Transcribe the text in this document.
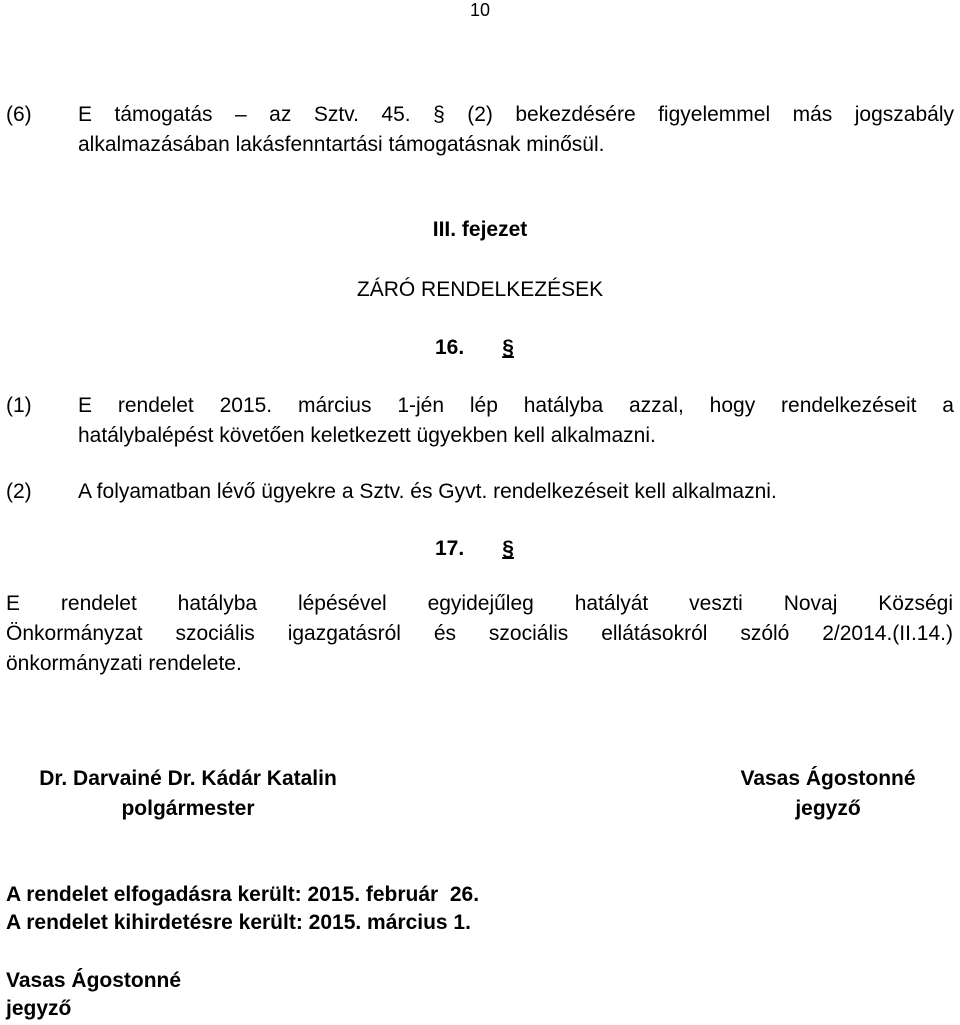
10
(6) E támogatás – az Sztv. 45. § (2) bekezdésére figyelemmel más jogszabály
alkalmazásában lakásfenntartási támogatásnak minősül.
III. fejezet
ZÁRÓ RENDELKEZÉSEK
16. §
(1) E rendelet 2015. március 1-jén lép hatályba azzal, hogy rendelkezéseit a
hatálybalépést követően keletkezett ügyekben kell alkalmazni.
(2) A folyamatban lévő ügyekre a Sztv. és Gyvt. rendelkezéseit kell alkalmazni.
17. §
E rendelet hatályba lépésével egyidejűleg hatályát veszti Novaj Községi
Önkormányzat szociális igazgatásról és szociális ellátásokról szóló 2/2014.(II.14.)
önkormányzati rendelete.
Dr. Darvainé Dr. Kádár Katalin
polgármester
Vasas Ágostonné
jegyző
A rendelet elfogadásra került: 2015. február  26.
A rendelet kihirdetésre került: 2015. március 1.
Vasas Ágostonné
jegyző
